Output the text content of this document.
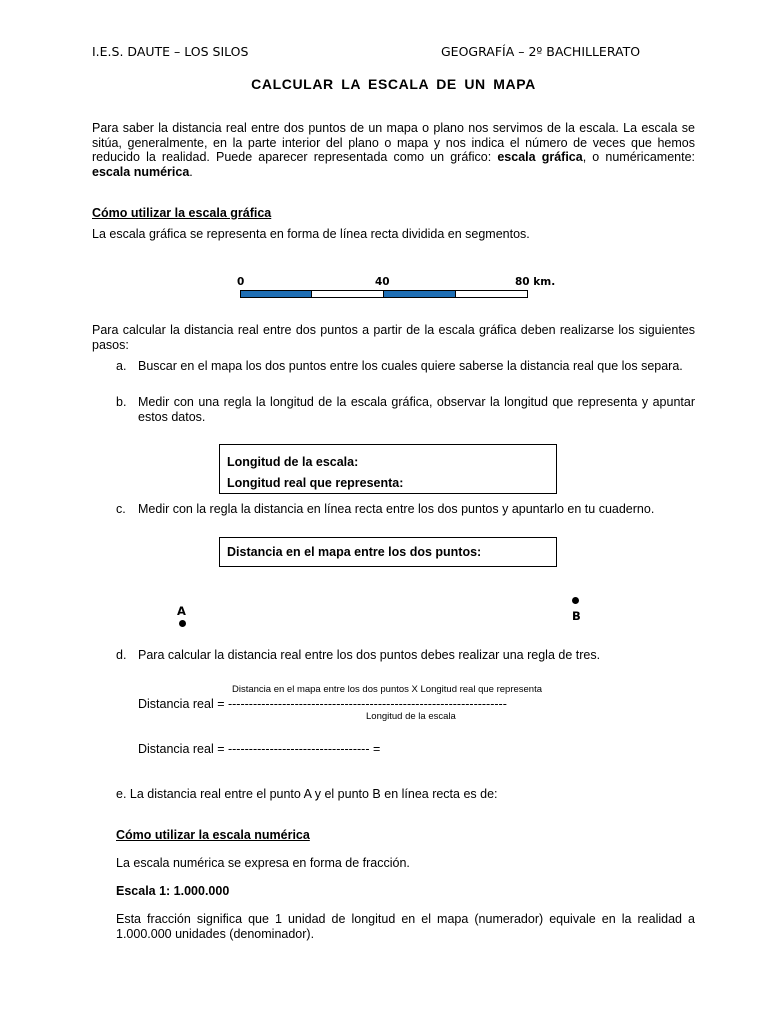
I.E.S. DAUTE – LOS SILOS	GEOGRAFÍA – 2º BACHILLERATO
CALCULAR LA ESCALA DE UN MAPA
Para saber la distancia real entre dos puntos de un mapa o plano nos servimos de la escala. La escala se sitúa, generalmente, en la parte interior del plano o mapa y nos indica el número de veces que hemos reducido la realidad. Puede aparecer representada como un gráfico: escala gráfica, o numéricamente: escala numérica.
Cómo utilizar la escala gráfica
La escala gráfica se representa en forma de línea recta dividida en segmentos.
0	40	80 km.
Para calcular la distancia real entre dos puntos a partir de la escala gráfica deben realizarse los siguientes pasos:
a. Buscar en el mapa los dos puntos entre los cuales quiere saberse la distancia real que los separa.
b. Medir con una regla la longitud de la escala gráfica, observar la longitud que representa y apuntar estos datos.
Longitud de la escala:
Longitud real que representa:
c. Medir con la regla la distancia en línea recta entre los dos puntos y apuntarlo en tu cuaderno.
Distancia en el mapa entre los dos puntos:
A	B
d. Para calcular la distancia real entre los dos puntos debes realizar una regla de tres.
Distancia en el mapa entre los dos puntos X Longitud real que representa
Distancia real = -------------------------------------------------------------------
Longitud de la escala
Distancia real = ---------------------------------- =
e. La distancia real entre el punto A y el punto B en línea recta es de:
Cómo utilizar la escala numérica
La escala numérica se expresa en forma de fracción.
Escala 1: 1.000.000
Esta fracción significa que 1 unidad de longitud en el mapa (numerador) equivale en la realidad a 1.000.000 unidades (denominador).
